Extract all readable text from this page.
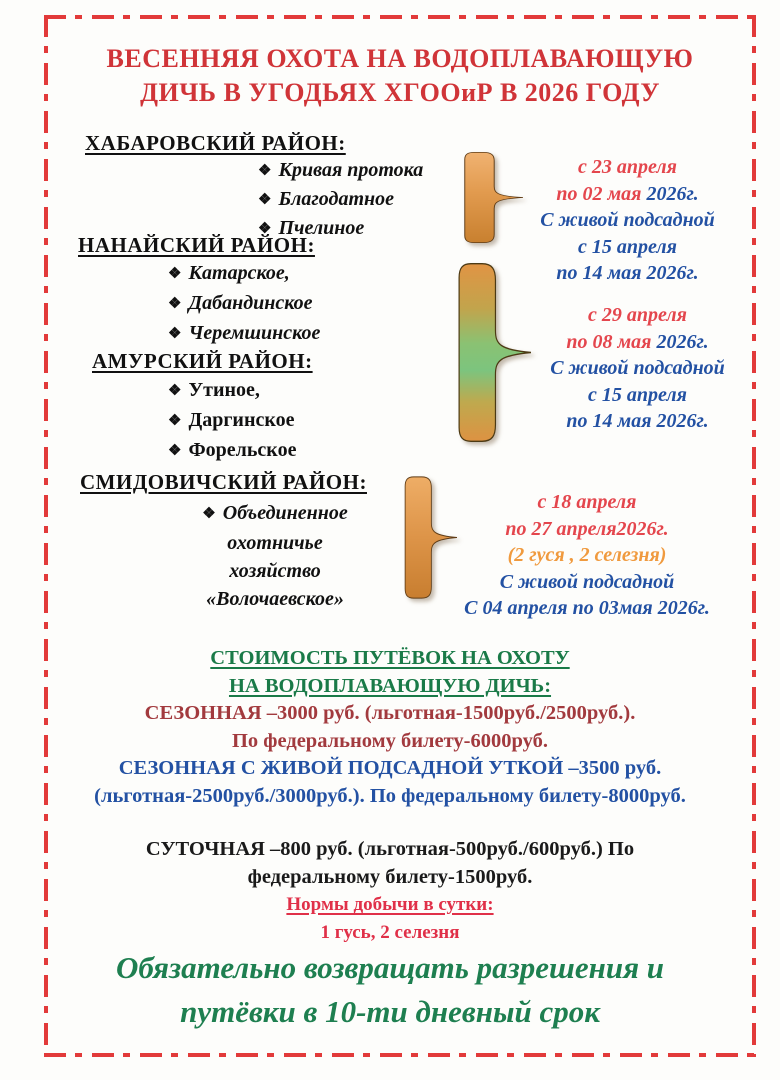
ВЕСЕННЯЯ ОХОТА НА ВОДОПЛАВАЮЩУЮ
ДИЧЬ В УГОДЬЯХ ХГООиР В 2026 ГОДУ
ХАБАРОВСКИЙ РАЙОН:
НАНАЙСКИЙ РАЙОН:
АМУРСКИЙ РАЙОН:
СМИДОВИЧСКИЙ РАЙОН:
❖ Кривая протока
❖ Благодатное
❖ Пчелиное
❖ Катарское,
❖ Дабандинское
❖ Черемшинское
❖ Утиное,
❖ Даргинское
❖ Форельское
❖ Объединенное
охотничье
хозяйство
«Волочаевское»
с 23 апреля
по 02 мая 2026г.
С живой подсадной
с 15 апреля
по 14 мая 2026г.
с 29 апреля
по 08 мая 2026г.
С живой подсадной
с 15 апреля
по 14 мая 2026г.
с 18 апреля
по 27 апреля2026г.
(2 гуся , 2 селезня)
С живой подсадной
С 04 апреля по 03мая 2026г.
СТОИМОСТЬ ПУТЁВОК НА ОХОТУ
НА ВОДОПЛАВАЮЩУЮ ДИЧЬ:
СЕЗОННАЯ –3000 руб. (льготная-1500руб./2500руб.).
По федеральному билету-6000руб.
СЕЗОННАЯ С ЖИВОЙ ПОДСАДНОЙ УТКОЙ –3500 руб.
(льготная-2500руб./3000руб.). По федеральному билету-8000руб.
СУТОЧНАЯ –800 руб. (льготная-500руб./600руб.) По
федеральному билету-1500руб.
Нормы добычи в сутки:
1 гусь, 2 селезня
Обязательно возвращать разрешения и
путёвки в 10-ти дневный срок
